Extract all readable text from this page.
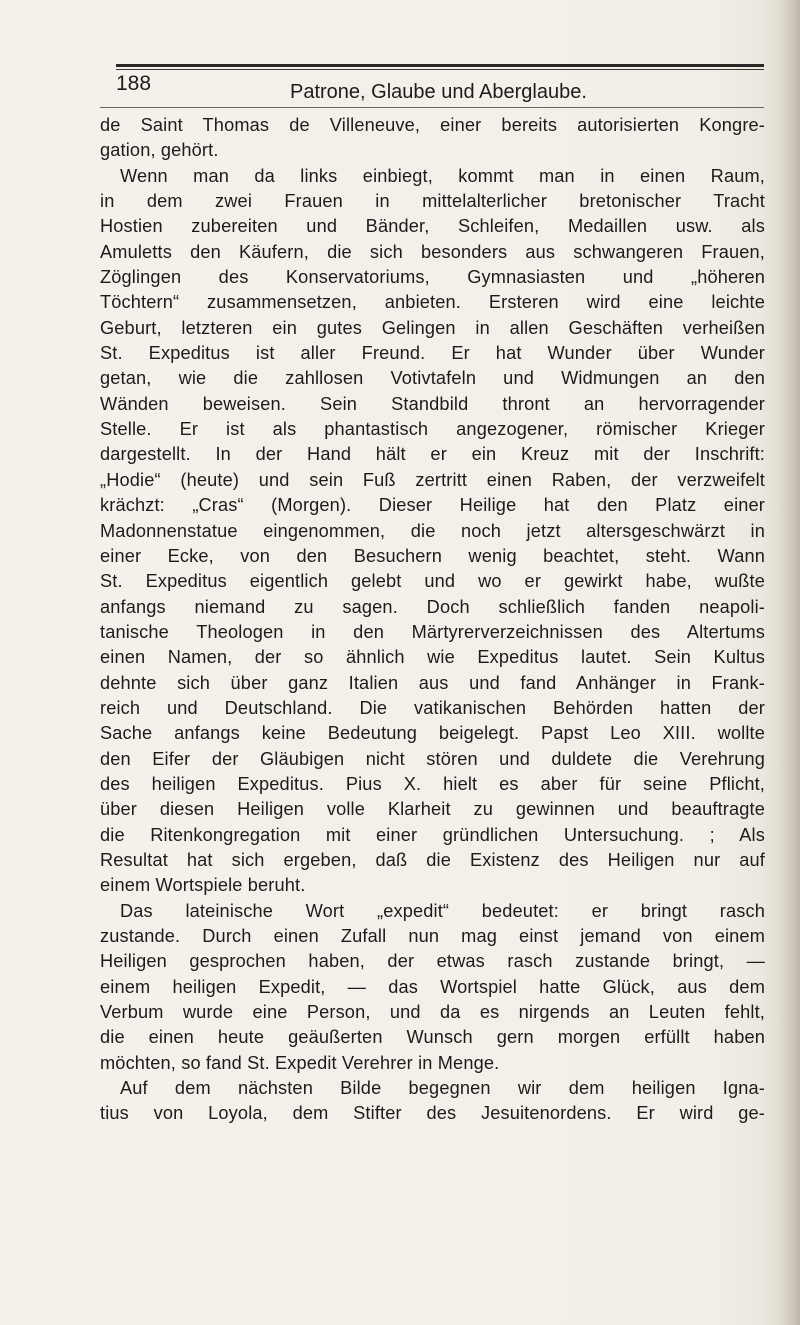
188	Patrone, Glaube und Aberglaube.
de Saint Thomas de Villeneuve, einer bereits autorisierten Kongre-
gation, gehört.
Wenn man da links einbiegt, kommt man in einen Raum,
in dem zwei Frauen in mittelalterlicher bretonischer Tracht
Hostien zubereiten und Bänder, Schleifen, Medaillen usw. als
Amuletts den Käufern, die sich besonders aus schwangeren Frauen,
Zöglingen des Konservatoriums, Gymnasiasten und „höheren
Töchtern“ zusammensetzen, anbieten. Ersteren wird eine leichte
Geburt, letzteren ein gutes Gelingen in allen Geschäften verheißen
St. Expeditus ist aller Freund. Er hat Wunder über Wunder
getan, wie die zahllosen Votivtafeln und Widmungen an den
Wänden beweisen. Sein Standbild thront an hervorragender
Stelle. Er ist als phantastisch angezogener, römischer Krieger
dargestellt. In der Hand hält er ein Kreuz mit der Inschrift:
„Hodie“ (heute) und sein Fuß zertritt einen Raben, der verzweifelt
krächzt: „Cras“ (Morgen). Dieser Heilige hat den Platz einer
Madonnenstatue eingenommen, die noch jetzt altersgeschwärzt in
einer Ecke, von den Besuchern wenig beachtet, steht. Wann
St. Expeditus eigentlich gelebt und wo er gewirkt habe, wußte
anfangs niemand zu sagen. Doch schließlich fanden neapoli-
tanische Theologen in den Märtyrerverzeichnissen des Altertums
einen Namen, der so ähnlich wie Expeditus lautet. Sein Kultus
dehnte sich über ganz Italien aus und fand Anhänger in Frank-
reich und Deutschland. Die vatikanischen Behörden hatten der
Sache anfangs keine Bedeutung beigelegt. Papst Leo XIII. wollte
den Eifer der Gläubigen nicht stören und duldete die Verehrung
des heiligen Expeditus. Pius X. hielt es aber für seine Pflicht,
über diesen Heiligen volle Klarheit zu gewinnen und beauftragte
die Ritenkongregation mit einer gründlichen Untersuchung. ; Als
Resultat hat sich ergeben, daß die Existenz des Heiligen nur auf
einem Wortspiele beruht.
Das lateinische Wort „expedit“ bedeutet: er bringt rasch
zustande. Durch einen Zufall nun mag einst jemand von einem
Heiligen gesprochen haben, der etwas rasch zustande bringt, —
einem heiligen Expedit, — das Wortspiel hatte Glück, aus dem
Verbum wurde eine Person, und da es nirgends an Leuten fehlt,
die einen heute geäußerten Wunsch gern morgen erfüllt haben
möchten, so fand St. Expedit Verehrer in Menge.
Auf dem nächsten Bilde begegnen wir dem heiligen Igna-
tius von Loyola, dem Stifter des Jesuitenordens. Er wird ge-
